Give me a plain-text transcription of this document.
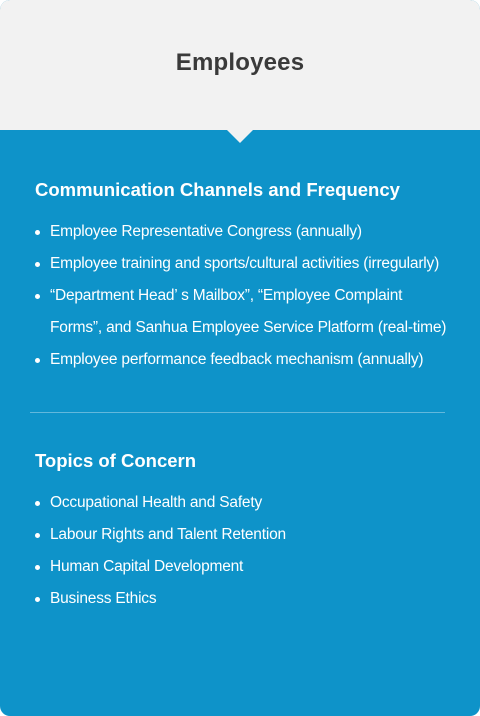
Employees
Communication Channels and Frequency
Employee Representative Congress (annually)
Employee training and sports/cultural activities (irregularly)
“Department Head’ s Mailbox”, “Employee Complaint Forms”, and Sanhua Employee Service Platform (real-time)
Employee performance feedback mechanism (annually)
Topics of Concern
Occupational Health and Safety
Labour Rights and Talent Retention
Human Capital Development
Business Ethics
